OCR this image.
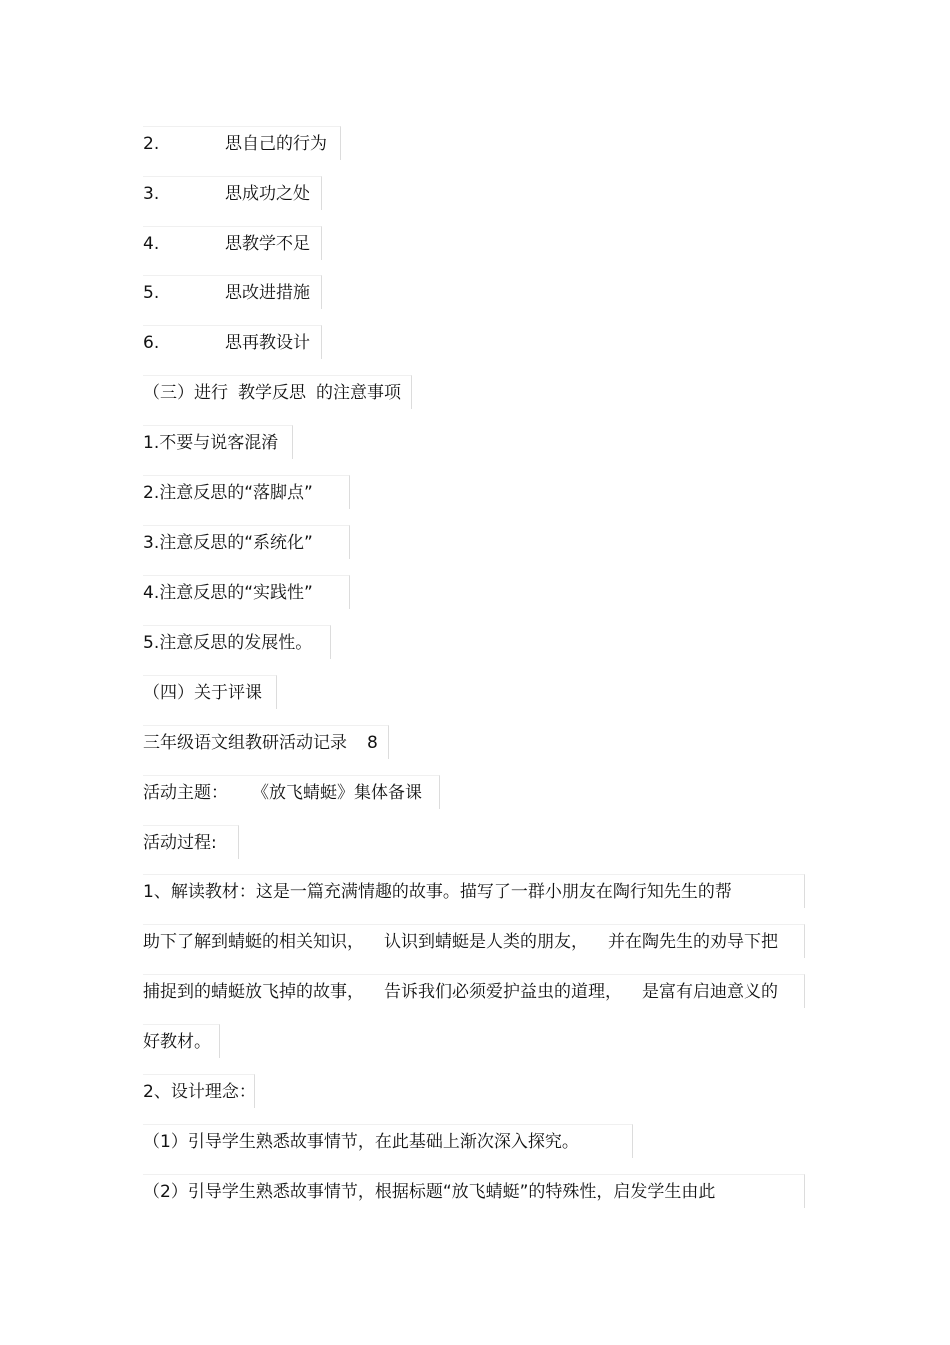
2.	思自己的行为
3.	思成功之处
4.	思教学不足
5.	思改进措施
6.	思再教设计
（三）进行 教学反思 的注意事项
1.不要与说客混淆
2.注意反思的“落脚点”
3.注意反思的“系统化”
4.注意反思的“实践性”
5.注意反思的发展性。
（四）关于评课
三年级语文组教研活动记录 8
活动主题： 《放飞蜻蜓》集体备课
活动过程:
1、解读教材：这是一篇充满情趣的故事。描写了一群小朋友在陶行知先生的帮
助下了解到蜻蜓的相关知识， 认识到蜻蜓是人类的朋友， 并在陶先生的劝导下把
捕捉到的蜻蜓放飞掉的故事， 告诉我们必须爱护益虫的道理， 是富有启迪意义的
好教材。
2、设计理念：
（1）引导学生熟悉故事情节，在此基础上渐次深入探究。
（2）引导学生熟悉故事情节，根据标题“放飞蜻蜓”的特殊性，启发学生由此
